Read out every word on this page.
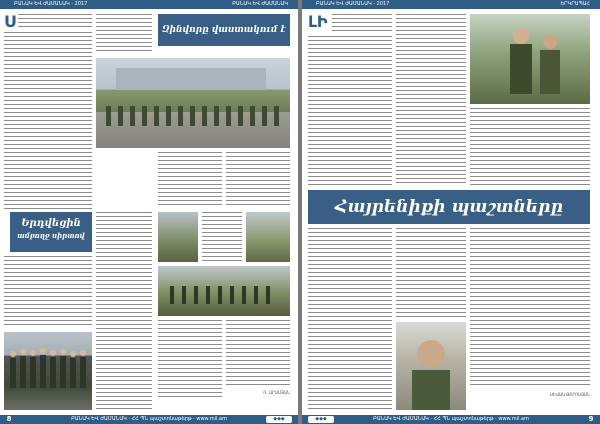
ԲԱՆԱԿ ԵՎ ԺԱՄԱՆԱԿ · 2017	ԲԱՆԱԿ ԵՎ ԺԱՄԱՆԱԿ
Ս
Երդվեցին
ամբողջ սիրտով
Զինվորը վաստակում է
Ռ. ԱՐԱՄՅԱՆ
8	ԲԱՆԱԿ ԵՎ ԺԱՄԱՆԱԿ · ՀՀ ՊՆ պաշտոնաթերթ · www.mil.am	◆◆◆
ԲԱՆԱԿ ԵՎ ԺԱՄԱՆԱԿ · 2017	ԵՐԿՐԱՊԱՀ
ԼԻ
Հայրենիքի պաշտները
ՍԵՎԱԿ ԹՈՐՈՍՅԱՆ
◆◆◆	ԲԱՆԱԿ ԵՎ ԺԱՄԱՆԱԿ · ՀՀ ՊՆ պաշտոնաթերթ · www.mil.am	9
